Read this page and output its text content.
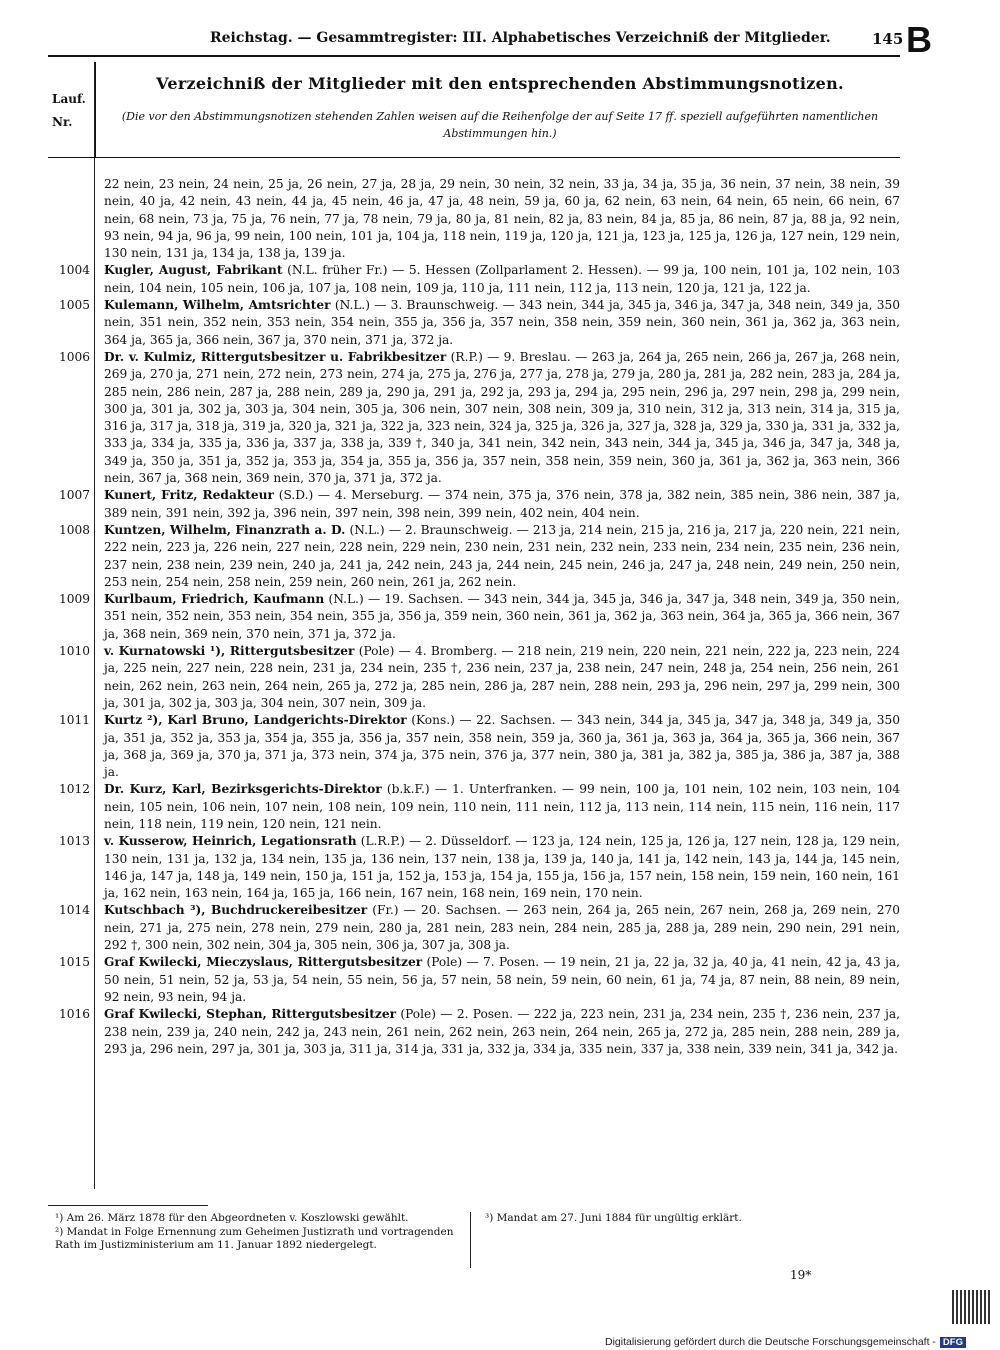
Reichstag. — Gesammtregister: III. Alphabetisches Verzeichniß der Mitglieder.	145 B
Lauf.
Nr.
Verzeichniß der Mitglieder mit den entsprechenden Abstimmungsnotizen.
(Die vor den Abstimmungsnotizen stehenden Zahlen weisen auf die Reihenfolge der auf Seite 17 ff. speziell aufgeführten namentlichen Abstimmungen hin.)
22 nein, 23 nein, 24 nein, 25 ja, 26 nein, 27 ja, 28 ja, 29 nein, 30 nein, 32 nein, 33 ja, 34 ja, 35 ja, 36 nein, 37 nein, 38 nein, 39 nein, 40 ja, 42 nein, 43 nein, 44 ja, 45 nein, 46 ja, 47 ja, 48 nein, 59 ja, 60 ja, 62 nein, 63 nein, 64 nein, 65 nein, 66 nein, 67 nein, 68 nein, 73 ja, 75 ja, 76 nein, 77 ja, 78 nein, 79 ja, 80 ja, 81 nein, 82 ja, 83 nein, 84 ja, 85 ja, 86 nein, 87 ja, 88 ja, 92 nein, 93 nein, 94 ja, 96 ja, 99 nein, 100 nein, 101 ja, 104 ja, 118 nein, 119 ja, 120 ja, 121 ja, 123 ja, 125 ja, 126 ja, 127 nein, 129 nein, 130 nein, 131 ja, 134 ja, 138 ja, 139 ja.
1004 Kugler, August, Fabrikant (N.L. früher Fr.) — 5. Hessen (Zollparlament 2. Hessen). — 99 ja, 100 nein, 101 ja, 102 nein, 103 nein, 104 nein, 105 nein, 106 ja, 107 ja, 108 nein, 109 ja, 110 ja, 111 nein, 112 ja, 113 nein, 120 ja, 121 ja, 122 ja.
1005 Kulemann, Wilhelm, Amtsrichter (N.L.) — 3. Braunschweig. — 343 nein, 344 ja, 345 ja, 346 ja, 347 ja, 348 nein, 349 ja, 350 nein, 351 nein, 352 nein, 353 nein, 354 nein, 355 ja, 356 ja, 357 nein, 358 nein, 359 nein, 360 nein, 361 ja, 362 ja, 363 nein, 364 ja, 365 ja, 366 nein, 367 ja, 370 nein, 371 ja, 372 ja.
1006 Dr. v. Kulmiz, Rittergutsbesitzer u. Fabrikbesitzer (R.P.) — 9. Breslau. — 263 ja, 264 ja, 265 nein, 266 ja, 267 ja, 268 nein, 269 ja, 270 ja, 271 nein, 272 nein, 273 nein, 274 ja, 275 ja, 276 ja, 277 ja, 278 ja, 279 ja, 280 ja, 281 ja, 282 nein, 283 ja, 284 ja, 285 nein, 286 nein, 287 ja, 288 nein, 289 ja, 290 ja, 291 ja, 292 ja, 293 ja, 294 ja, 295 nein, 296 ja, 297 nein, 298 ja, 299 nein, 300 ja, 301 ja, 302 ja, 303 ja, 304 nein, 305 ja, 306 nein, 307 nein, 308 nein, 309 ja, 310 nein, 312 ja, 313 nein, 314 ja, 315 ja, 316 ja, 317 ja, 318 ja, 319 ja, 320 ja, 321 ja, 322 ja, 323 nein, 324 ja, 325 ja, 326 ja, 327 ja, 328 ja, 329 ja, 330 ja, 331 ja, 332 ja, 333 ja, 334 ja, 335 ja, 336 ja, 337 ja, 338 ja, 339 †, 340 ja, 341 nein, 342 nein, 343 nein, 344 ja, 345 ja, 346 ja, 347 ja, 348 ja, 349 ja, 350 ja, 351 ja, 352 ja, 353 ja, 354 ja, 355 ja, 356 ja, 357 nein, 358 nein, 359 nein, 360 ja, 361 ja, 362 ja, 363 nein, 366 nein, 367 ja, 368 nein, 369 nein, 370 ja, 371 ja, 372 ja.
1007 Kunert, Fritz, Redakteur (S.D.) — 4. Merseburg. — 374 nein, 375 ja, 376 nein, 378 ja, 382 nein, 385 nein, 386 nein, 387 ja, 389 nein, 391 nein, 392 ja, 396 nein, 397 nein, 398 nein, 399 nein, 402 nein, 404 nein.
1008 Kuntzen, Wilhelm, Finanzrath a. D. (N.L.) — 2. Braunschweig. — 213 ja, 214 nein, 215 ja, 216 ja, 217 ja, 220 nein, 221 nein, 222 nein, 223 ja, 226 nein, 227 nein, 228 nein, 229 nein, 230 nein, 231 nein, 232 nein, 233 nein, 234 nein, 235 nein, 236 nein, 237 nein, 238 nein, 239 nein, 240 ja, 241 ja, 242 nein, 243 ja, 244 nein, 245 nein, 246 ja, 247 ja, 248 nein, 249 nein, 250 nein, 253 nein, 254 nein, 258 nein, 259 nein, 260 nein, 261 ja, 262 nein.
1009 Kurlbaum, Friedrich, Kaufmann (N.L.) — 19. Sachsen. — 343 nein, 344 ja, 345 ja, 346 ja, 347 ja, 348 nein, 349 ja, 350 nein, 351 nein, 352 nein, 353 nein, 354 nein, 355 ja, 356 ja, 359 nein, 360 nein, 361 ja, 362 ja, 363 nein, 364 ja, 365 ja, 366 nein, 367 ja, 368 nein, 369 nein, 370 nein, 371 ja, 372 ja.
1010 v. Kurnatowski ¹), Rittergutsbesitzer (Pole) — 4. Bromberg. — 218 nein, 219 nein, 220 nein, 221 nein, 222 ja, 223 nein, 224 ja, 225 nein, 227 nein, 228 nein, 231 ja, 234 nein, 235 †, 236 nein, 237 ja, 238 nein, 247 nein, 248 ja, 254 nein, 256 nein, 261 nein, 262 nein, 263 nein, 264 nein, 265 ja, 272 ja, 285 nein, 286 ja, 287 nein, 288 nein, 293 ja, 296 nein, 297 ja, 299 nein, 300 ja, 301 ja, 302 ja, 303 ja, 304 nein, 307 nein, 309 ja.
1011 Kurtz ²), Karl Bruno, Landgerichts-Direktor (Kons.) — 22. Sachsen. — 343 nein, 344 ja, 345 ja, 347 ja, 348 ja, 349 ja, 350 ja, 351 ja, 352 ja, 353 ja, 354 ja, 355 ja, 356 ja, 357 nein, 358 nein, 359 ja, 360 ja, 361 ja, 363 ja, 364 ja, 365 ja, 366 nein, 367 ja, 368 ja, 369 ja, 370 ja, 371 ja, 373 nein, 374 ja, 375 nein, 376 ja, 377 nein, 380 ja, 381 ja, 382 ja, 385 ja, 386 ja, 387 ja, 388 ja.
1012 Dr. Kurz, Karl, Bezirksgerichts-Direktor (b.k.F.) — 1. Unterfranken. — 99 nein, 100 ja, 101 nein, 102 nein, 103 nein, 104 nein, 105 nein, 106 nein, 107 nein, 108 nein, 109 nein, 110 nein, 111 nein, 112 ja, 113 nein, 114 nein, 115 nein, 116 nein, 117 nein, 118 nein, 119 nein, 120 nein, 121 nein.
1013 v. Kusserow, Heinrich, Legationsrath (L.R.P.) — 2. Düsseldorf. — 123 ja, 124 nein, 125 ja, 126 ja, 127 nein, 128 ja, 129 nein, 130 nein, 131 ja, 132 ja, 134 nein, 135 ja, 136 nein, 137 nein, 138 ja, 139 ja, 140 ja, 141 ja, 142 nein, 143 ja, 144 ja, 145 nein, 146 ja, 147 ja, 148 ja, 149 nein, 150 ja, 151 ja, 152 ja, 153 ja, 154 ja, 155 ja, 156 ja, 157 nein, 158 nein, 159 nein, 160 nein, 161 ja, 162 nein, 163 nein, 164 ja, 165 ja, 166 nein, 167 nein, 168 nein, 169 nein, 170 nein.
1014 Kutschbach ³), Buchdruckereibesitzer (Fr.) — 20. Sachsen. — 263 nein, 264 ja, 265 nein, 267 nein, 268 ja, 269 nein, 270 nein, 271 ja, 275 nein, 278 nein, 279 nein, 280 ja, 281 nein, 283 nein, 284 nein, 285 ja, 288 ja, 289 nein, 290 nein, 291 nein, 292 †, 300 nein, 302 nein, 304 ja, 305 nein, 306 ja, 307 ja, 308 ja.
1015 Graf Kwilecki, Mieczyslaus, Rittergutsbesitzer (Pole) — 7. Posen. — 19 nein, 21 ja, 22 ja, 32 ja, 40 ja, 41 nein, 42 ja, 43 ja, 50 nein, 51 nein, 52 ja, 53 ja, 54 nein, 55 nein, 56 ja, 57 nein, 58 nein, 59 nein, 60 nein, 61 ja, 74 ja, 87 nein, 88 nein, 89 nein, 92 nein, 93 nein, 94 ja.
1016 Graf Kwilecki, Stephan, Rittergutsbesitzer (Pole) — 2. Posen. — 222 ja, 223 nein, 231 ja, 234 nein, 235 †, 236 nein, 237 ja, 238 nein, 239 ja, 240 nein, 242 ja, 243 nein, 261 nein, 262 nein, 263 nein, 264 nein, 265 ja, 272 ja, 285 nein, 288 nein, 289 ja, 293 ja, 296 nein, 297 ja, 301 ja, 303 ja, 311 ja, 314 ja, 331 ja, 332 ja, 334 ja, 335 nein, 337 ja, 338 nein, 339 nein, 341 ja, 342 ja.
¹) Am 26. März 1878 für den Abgeordneten v. Koszlowski gewählt.
²) Mandat in Folge Ernennung zum Geheimen Justizrath und vortragenden Rath im Justizministerium am 11. Januar 1892 niedergelegt.
³) Mandat am 27. Juni 1884 für ungültig erklärt.
19*
Digitalisierung gefördert durch die Deutsche Forschungsgemeinschaft - DFG
